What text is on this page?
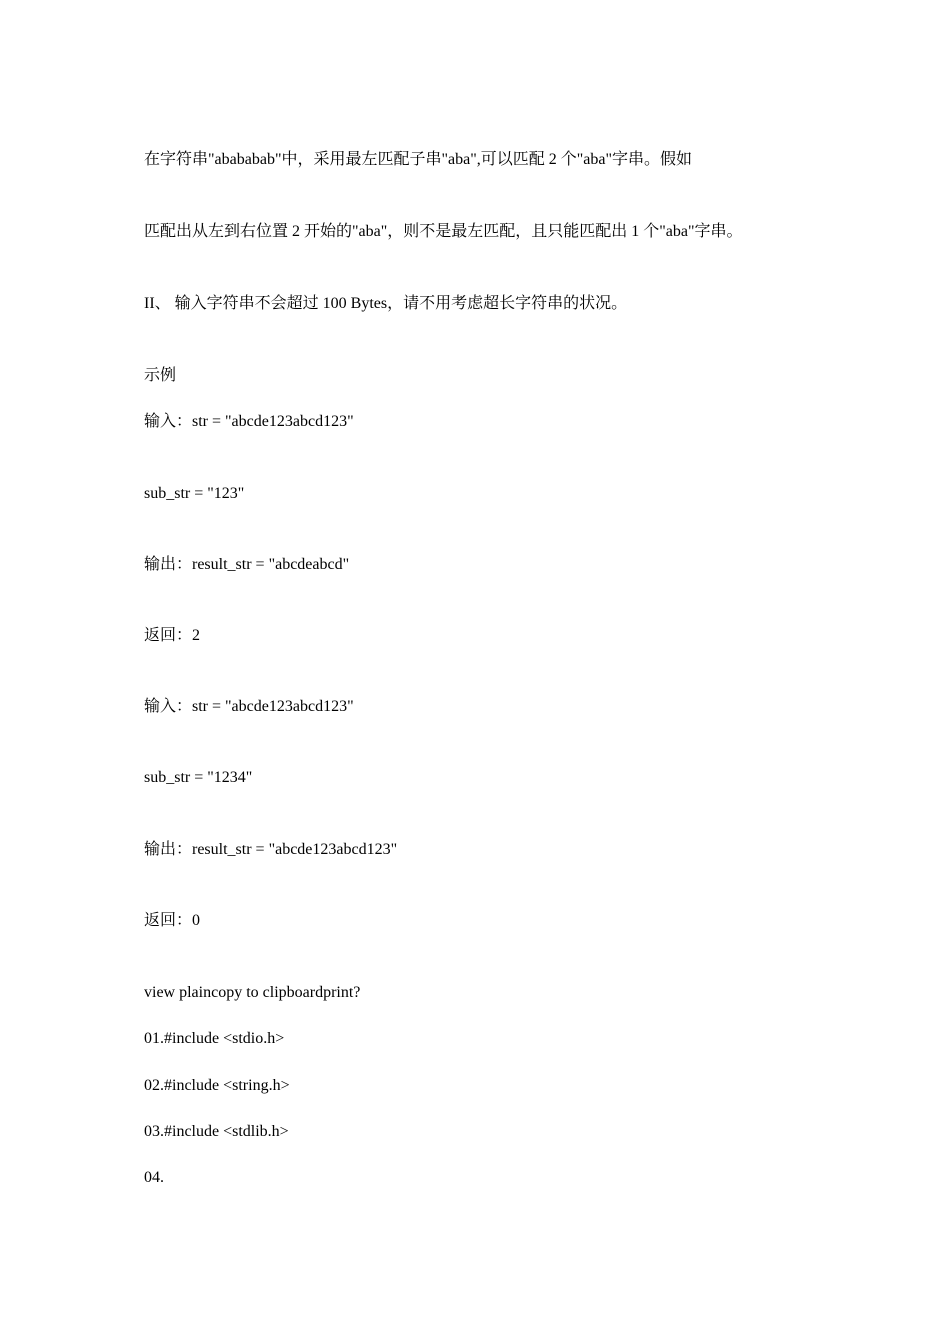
在字符串"abababab"中，采用最左匹配子串"aba",可以匹配 2 个"aba"字串。假如
匹配出从左到右位置 2 开始的"aba"，则不是最左匹配，且只能匹配出 1 个"aba"字串。
II、 输入字符串不会超过 100 Bytes，请不用考虑超长字符串的状况。
示例
输入：str = "abcde123abcd123"
sub_str = "123"
输出：result_str = "abcdeabcd"
返回：2
输入：str = "abcde123abcd123"
sub_str = "1234"
输出：result_str = "abcde123abcd123"
返回：0
view plaincopy to clipboardprint?
01.#include <stdio.h>
02.#include <string.h>
03.#include <stdlib.h>
04.
